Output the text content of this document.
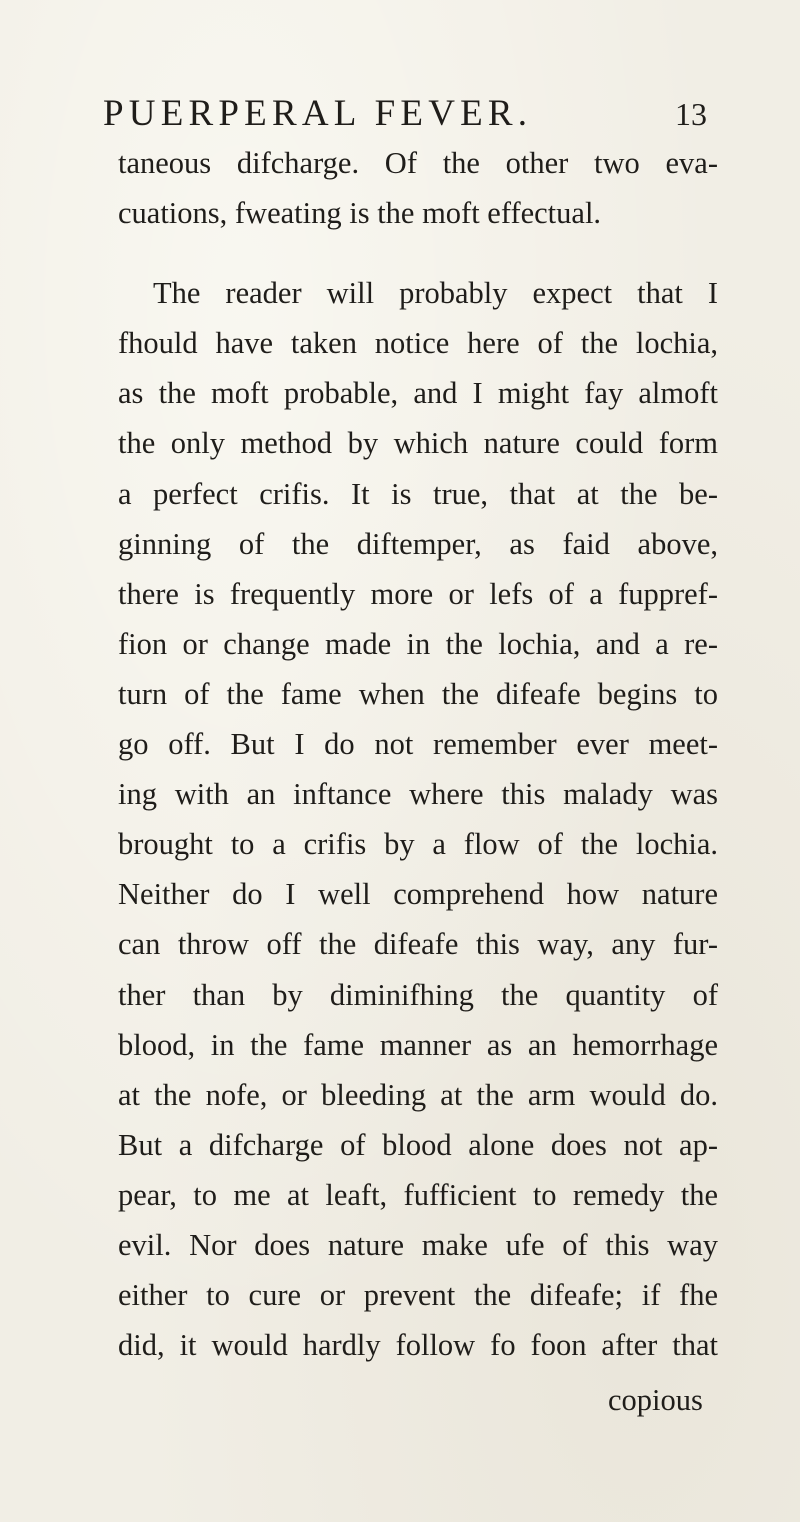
PUERPERAL FEVER.	13
taneous difcharge. Of the other two eva-
cuations, fweating is the moft effectual.
The reader will probably expect that I
fhould have taken notice here of the lochia,
as the moft probable, and I might fay almoft
the only method by which nature could form
a perfect crifis. It is true, that at the be-
ginning of the diftemper, as faid above,
there is frequently more or lefs of a fuppref-
fion or change made in the lochia, and a re-
turn of the fame when the difeafe begins to
go off. But I do not remember ever meet-
ing with an inftance where this malady was
brought to a crifis by a flow of the lochia.
Neither do I well comprehend how nature
can throw off the difeafe this way, any fur-
ther than by diminifhing the quantity of
blood, in the fame manner as an hemorrhage
at the nofe, or bleeding at the arm would do.
But a difcharge of blood alone does not ap-
pear, to me at leaft, fufficient to remedy the
evil. Nor does nature make ufe of this way
either to cure or prevent the difeafe; if fhe
did, it would hardly follow fo foon after that
copious
